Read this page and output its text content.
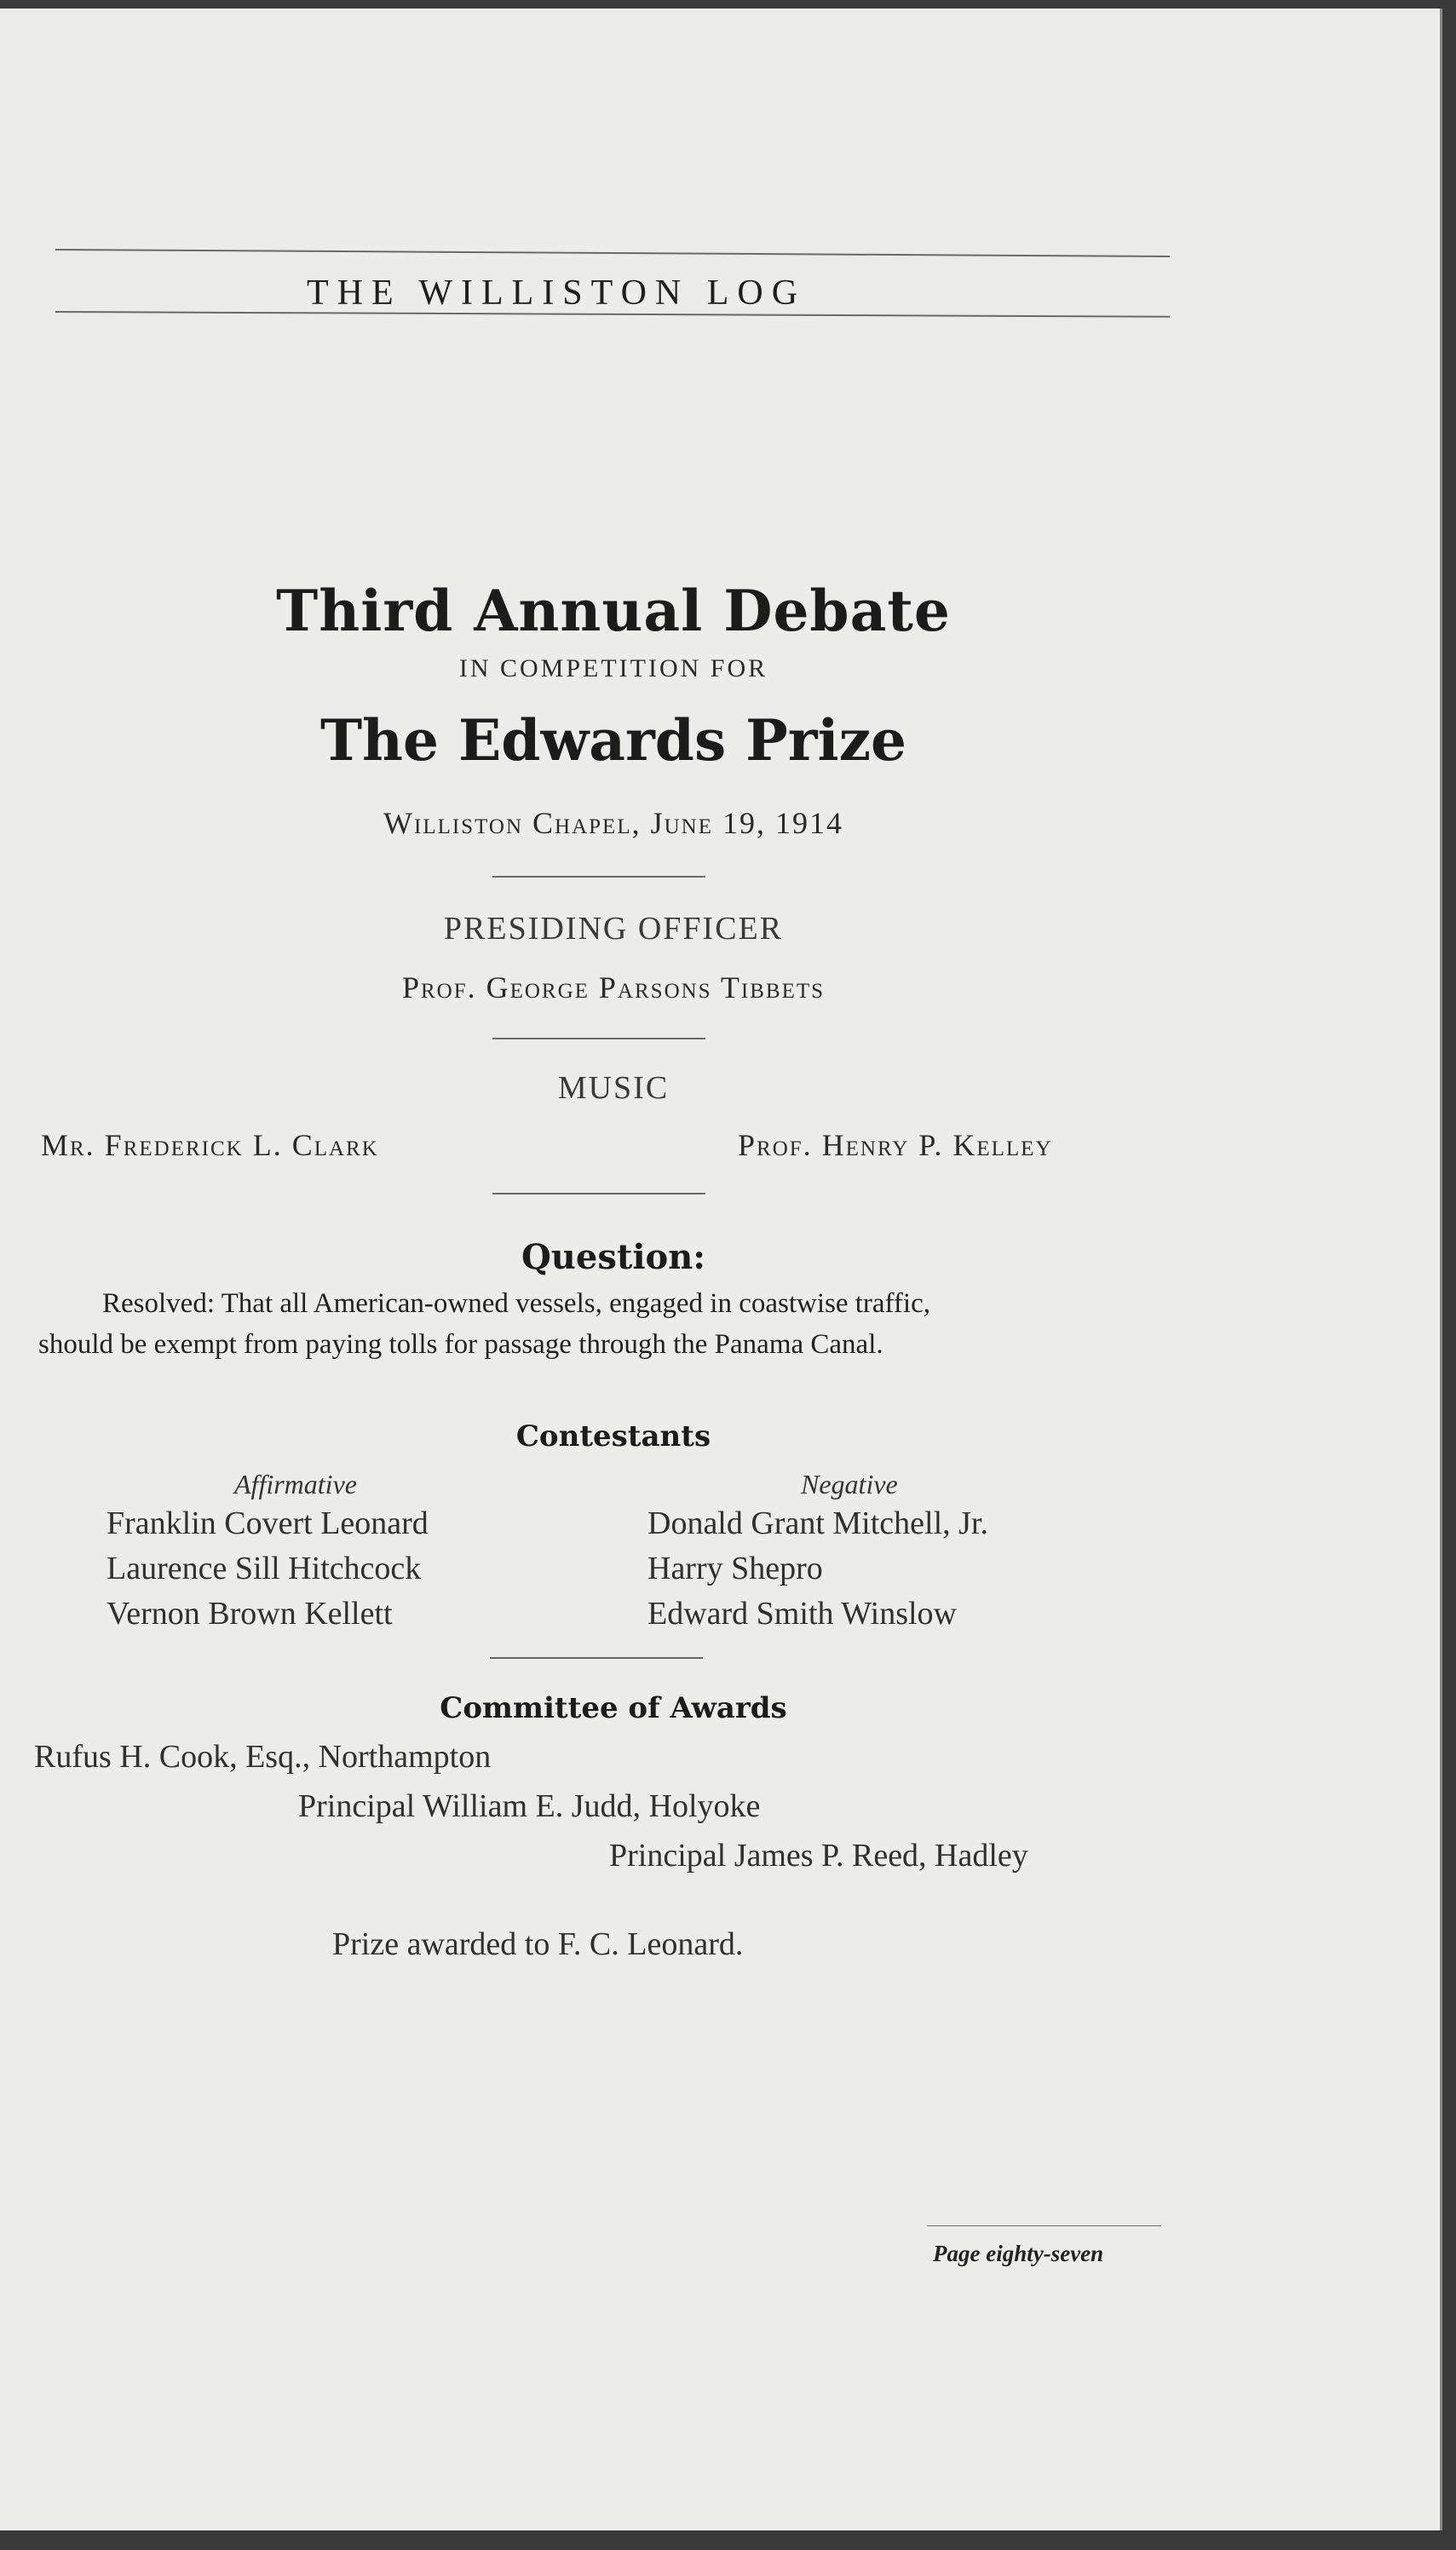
THE WILLISTON LOG
Third Annual Debate
IN COMPETITION FOR
The Edwards Prize
Williston Chapel, June 19, 1914
PRESIDING OFFICER
Prof. George Parsons Tibbets
MUSIC
Mr. Frederick L. Clark	Prof. Henry P. Kelley
Question:

Resolved: That all American-owned vessels, engaged in coastwise traffic,

should be exempt from paying tolls for passage through the Panama Canal.

Contestants
Affirmative
Franklin Covert Leonard
Laurence Sill Hitchcock
Vernon Brown Kellett
Negative
Donald Grant Mitchell, Jr.
Harry Shepro
Edward Smith Winslow
Committee of Awards
Rufus H. Cook, Esq., Northampton
Principal William E. Judd, Holyoke
Principal James P. Reed, Hadley
Prize awarded to F. C. Leonard.
Page eighty-seven
